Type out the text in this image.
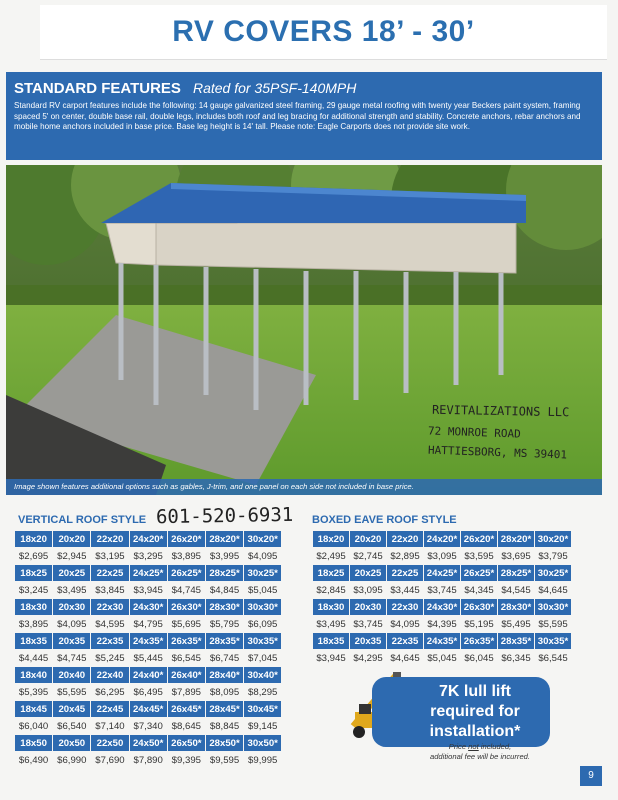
RV COVERS 18’ - 30’
STANDARD FEATURES Rated for 35PSF-140MPH
Standard RV carport features include the following: 14 gauge galvanized steel framing, 29 gauge metal roofing with twenty year Beckers paint system, framing spaced 5' on center, double base rail, double legs, includes both roof and leg bracing for additional strength and stability. Concrete anchors, rebar anchors and mobile home anchors included in base price. Base leg height is 14' tall. Please note: Eagle Carports does not provide site work.
Image shown features additional options such as gables, J-trim, and one panel on each side not included in base price.
REVITALIZATIONS LLC
72 MONROE ROAD
HATTIESBORG, MS 39401
601-520-6931
VERTICAL ROOF STYLE	BOXED EAVE ROOF STYLE
18x20	20x20	22x20	24x20*	26x20*	28x20*	30x20*
$2,695	$2,945	$3,195	$3,295	$3,895	$3,995	$4,095
18x25	20x25	22x25	24x25*	26x25*	28x25*	30x25*
$3,245	$3,495	$3,845	$3,945	$4,745	$4,845	$5,045
18x30	20x30	22x30	24x30*	26x30*	28x30*	30x30*
$3,895	$4,095	$4,595	$4,795	$5,695	$5,795	$6,095
18x35	20x35	22x35	24x35*	26x35*	28x35*	30x35*
$4,445	$4,745	$5,245	$5,445	$6,545	$6,745	$7,045
18x40	20x40	22x40	24x40*	26x40*	28x40*	30x40*
$5,395	$5,595	$6,295	$6,495	$7,895	$8,095	$8,295
18x45	20x45	22x45	24x45*	26x45*	28x45*	30x45*
$6,040	$6,540	$7,140	$7,340	$8,645	$8,845	$9,145
18x50	20x50	22x50	24x50*	26x50*	28x50*	30x50*
$6,490	$6,990	$7,690	$7,890	$9,395	$9,595	$9,995
18x20	20x20	22x20	24x20*	26x20*	28x20*	30x20*
$2,495	$2,745	$2,895	$3,095	$3,595	$3,695	$3,795
18x25	20x25	22x25	24x25*	26x25*	28x25*	30x25*
$2,845	$3,095	$3,445	$3,745	$4,345	$4,545	$4,645
18x30	20x30	22x30	24x30*	26x30*	28x30*	30x30*
$3,495	$3,745	$4,095	$4,395	$5,195	$5,495	$5,595
18x35	20x35	22x35	24x35*	26x35*	28x35*	30x35*
$3,945	$4,295	$4,645	$5,045	$6,045	$6,345	$6,545
7K lull lift
required for
installation*
Price not included,
additional fee will be incurred.
9
